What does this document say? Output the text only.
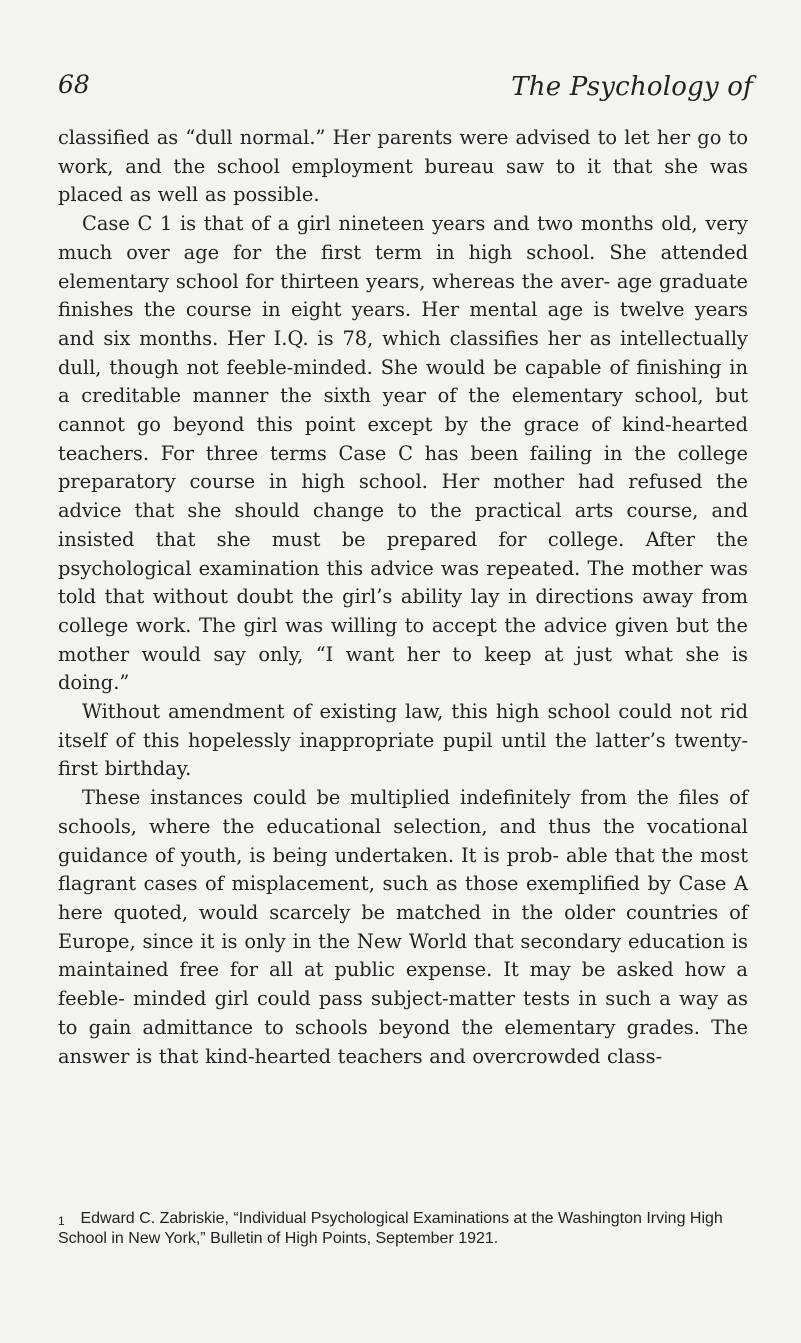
68	The Psychology of

classified as “dull normal.” Her parents were advised to let her go to work, and the school employment bureau saw to it that she was placed as well as possible.

Case C 1 is that of a girl nineteen years and two months old, very much over age for the first term in high school. She attended elementary school for thirteen years, whereas the aver- age graduate finishes the course in eight years. Her mental age is twelve years and six months. Her I.Q. is 78, which classifies her as intellectually dull, though not feeble-minded. She would be capable of finishing in a creditable manner the sixth year of the elementary school, but cannot go beyond this point except by the grace of kind-hearted teachers. For three terms Case C has been failing in the college preparatory course in high school. Her mother had refused the advice that she should change to the practical arts course, and insisted that she must be prepared for college. After the psychological examination this advice was repeated. The mother was told that without doubt the girl’s ability lay in directions away from college work. The girl was willing to accept the advice given but the mother would say only, “I want her to keep at just what she is doing.”

Without amendment of existing law, this high school could not rid itself of this hopelessly inappropriate pupil until the latter’s twenty-first birthday.

These instances could be multiplied indefinitely from the files of schools, where the educational selection, and thus the vocational guidance of youth, is being undertaken. It is prob- able that the most flagrant cases of misplacement, such as those exemplified by Case A here quoted, would scarcely be matched in the older countries of Europe, since it is only in the New World that secondary education is maintained free for all at public expense. It may be asked how a feeble- minded girl could pass subject-matter tests in such a way as to gain admittance to schools beyond the elementary grades. The answer is that kind-hearted teachers and overcrowded class-

1 Edward C. Zabriskie, “Individual Psychological Examinations at the Washington Irving High School in New York,” Bulletin of High Points, September 1921.
